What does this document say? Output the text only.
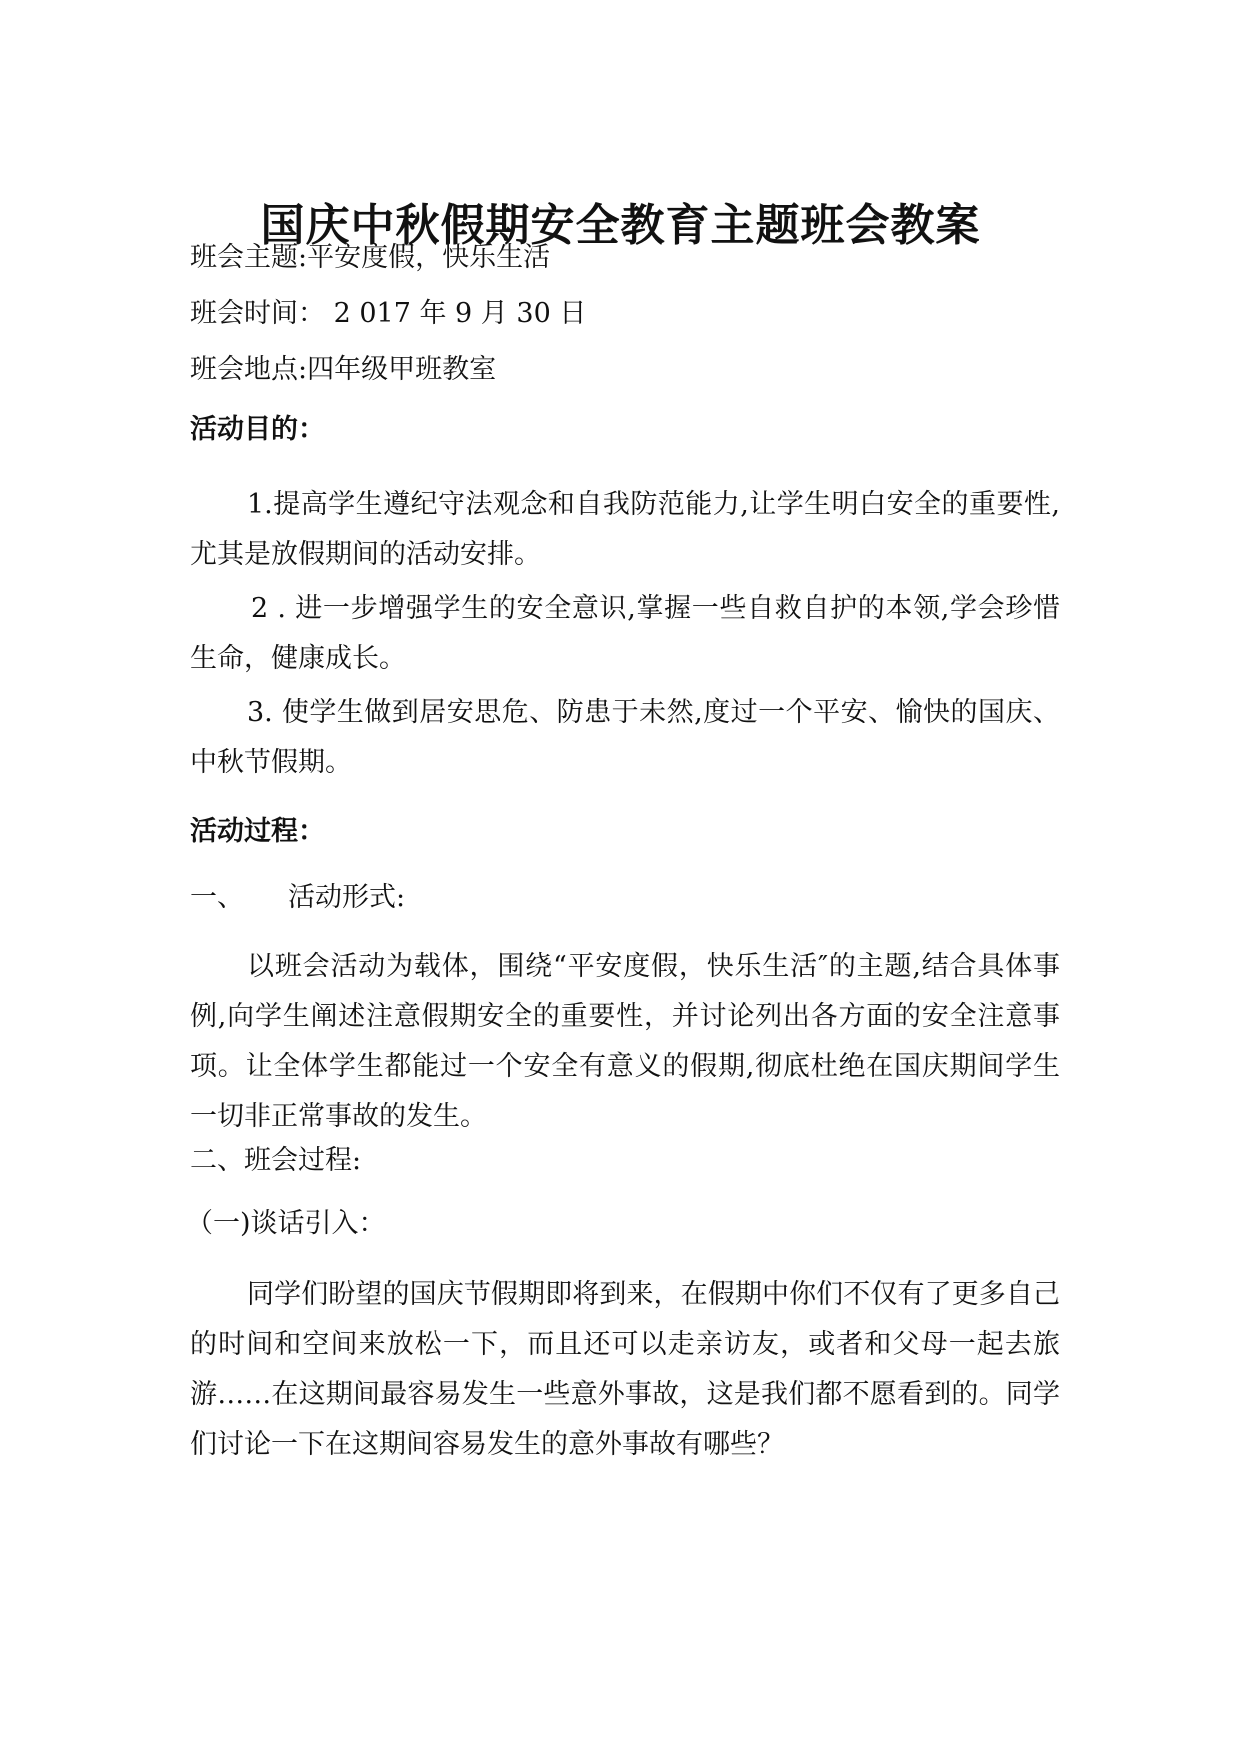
国庆中秋假期安全教育主题班会教案
班会主题:平安度假，快乐生活
班会时间： 2 017 年 9 月 30 日
班会地点:四年级甲班教室
活动目的：
1.提高学生遵纪守法观念和自我防范能力,让学生明白安全的重要性,尤其是放假期间的活动安排。
2 . 进一步增强学生的安全意识,掌握一些自救自护的本领,学会珍惜生命，健康成长。
3. 使学生做到居安思危、防患于未然,度过一个平安、愉快的国庆、中秋节假期。
活动过程：
一、 活动形式:
以班会活动为载体，围绕“平安度假，快乐生活″的主题,结合具体事例,向学生阐述注意假期安全的重要性，并讨论列出各方面的安全注意事项。让全体学生都能过一个安全有意义的假期,彻底杜绝在国庆期间学生一切非正常事故的发生。
二、班会过程:
（一)谈话引入：
同学们盼望的国庆节假期即将到来，在假期中你们不仅有了更多自己的时间和空间来放松一下，而且还可以走亲访友，或者和父母一起去旅游……在这期间最容易发生一些意外事故，这是我们都不愿看到的。同学们讨论一下在这期间容易发生的意外事故有哪些？
